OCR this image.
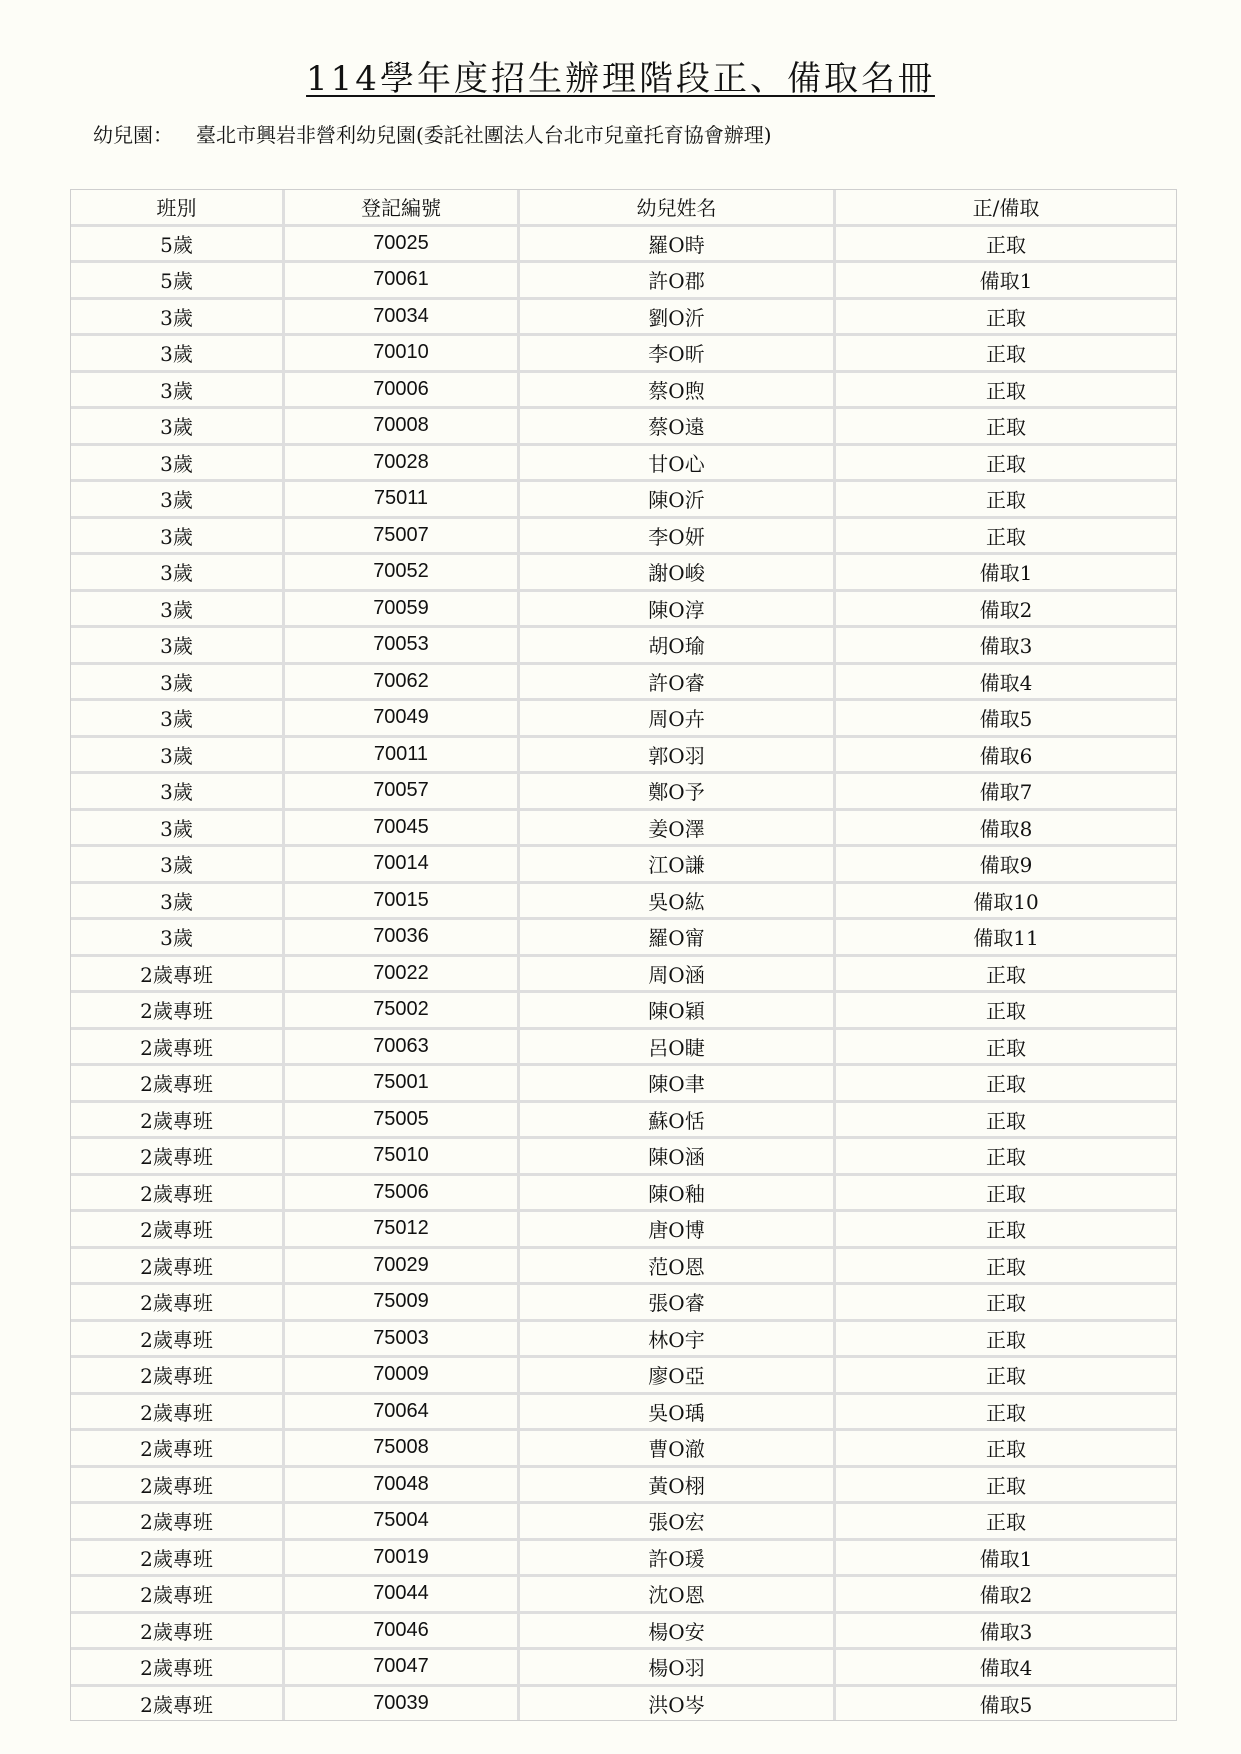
114學年度招生辦理階段正、備取名冊
幼兒園： 臺北市興岩非營利幼兒園(委託社團法人台北市兒童托育協會辦理)
班別	登記編號	幼兒姓名	正/備取
5歲	70025	羅O時	正取
5歲	70061	許O郡	備取1
3歲	70034	劉O沂	正取
3歲	70010	李O昕	正取
3歲	70006	蔡O煦	正取
3歲	70008	蔡O遠	正取
3歲	70028	甘O心	正取
3歲	75011	陳O沂	正取
3歲	75007	李O妍	正取
3歲	70052	謝O峻	備取1
3歲	70059	陳O淳	備取2
3歲	70053	胡O瑜	備取3
3歲	70062	許O睿	備取4
3歲	70049	周O卉	備取5
3歲	70011	郭O羽	備取6
3歲	70057	鄭O予	備取7
3歲	70045	姜O澤	備取8
3歲	70014	江O謙	備取9
3歲	70015	吳O紘	備取10
3歲	70036	羅O甯	備取11
2歲專班	70022	周O涵	正取
2歲專班	75002	陳O穎	正取
2歲專班	70063	呂O睫	正取
2歲專班	75001	陳O聿	正取
2歲專班	75005	蘇O恬	正取
2歲專班	75010	陳O涵	正取
2歲專班	75006	陳O釉	正取
2歲專班	75012	唐O博	正取
2歲專班	70029	范O恩	正取
2歲專班	75009	張O睿	正取
2歲專班	75003	林O宇	正取
2歲專班	70009	廖O亞	正取
2歲專班	70064	吳O瑀	正取
2歲專班	75008	曹O澈	正取
2歲專班	70048	黃O栩	正取
2歲專班	75004	張O宏	正取
2歲專班	70019	許O瑗	備取1
2歲專班	70044	沈O恩	備取2
2歲專班	70046	楊O安	備取3
2歲專班	70047	楊O羽	備取4
2歲專班	70039	洪O岑	備取5
